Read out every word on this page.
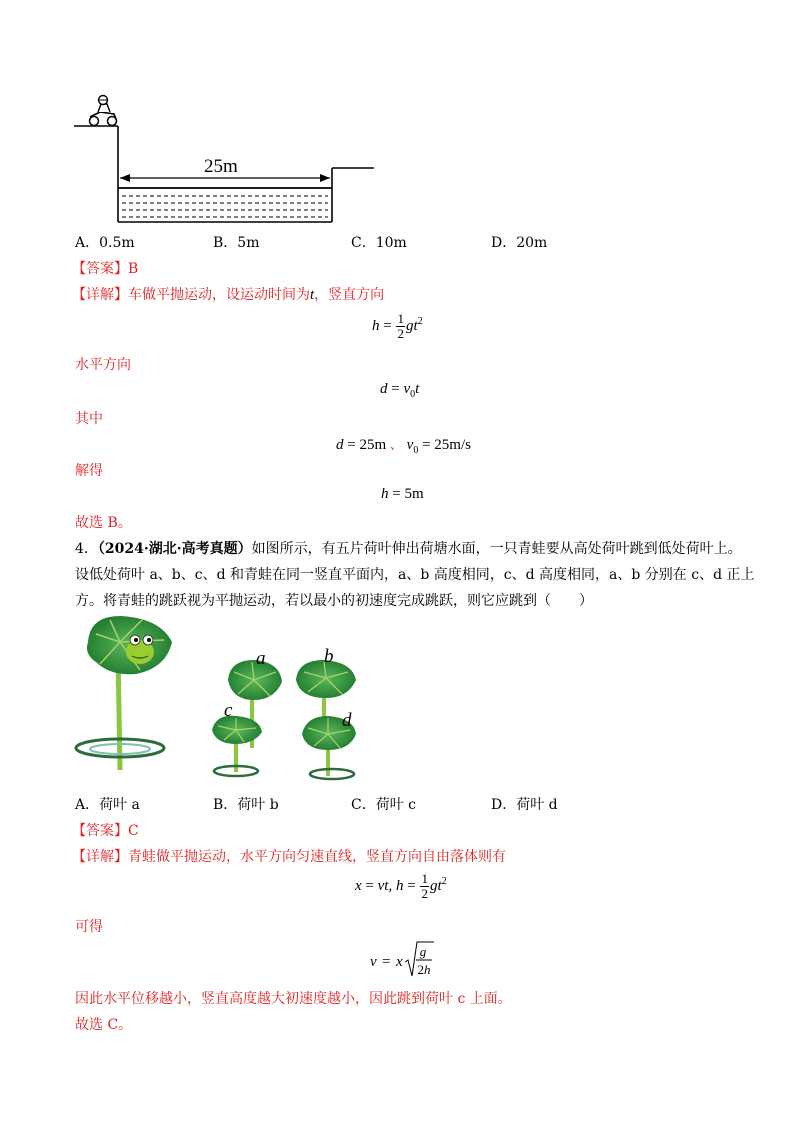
25m
A．0.5m	B．5m	C．10m	D．20m
【答案】B
【详解】车做平抛运动，设运动时间为t，竖直方向
$h = \frac{1}{2} gt^2$
水平方向
$d = v_0t$
其中
d = 25m 、 $v_0 = 25m/s$
解得
h = 5m
故选 B。
4．（2024·湖北·高考真题）如图所示，有五片荷叶伸出荷塘水面，一只青蛙要从高处荷叶跳到低处荷叶上。
设低处荷叶 a、b、c、d 和青蛙在同一竖直平面内，a、b 高度相同，c、d 高度相同，a、b 分别在 c、d 正上
方。将青蛙的跳跃视为平抛运动，若以最小的初速度完成跳跃，则它应跳到（　　）
a	b
c	d
A．荷叶 a	B．荷叶 b	C．荷叶 c	D．荷叶 d
【答案】C
【详解】青蛙做平抛运动，水平方向匀速直线，竖直方向自由落体则有
x = vt, $h = \frac{1}{2} gt^2$
可得
v = x
g
2h
因此水平位移越小，竖直高度越大初速度越小，因此跳到荷叶 c 上面。
故选 C。
